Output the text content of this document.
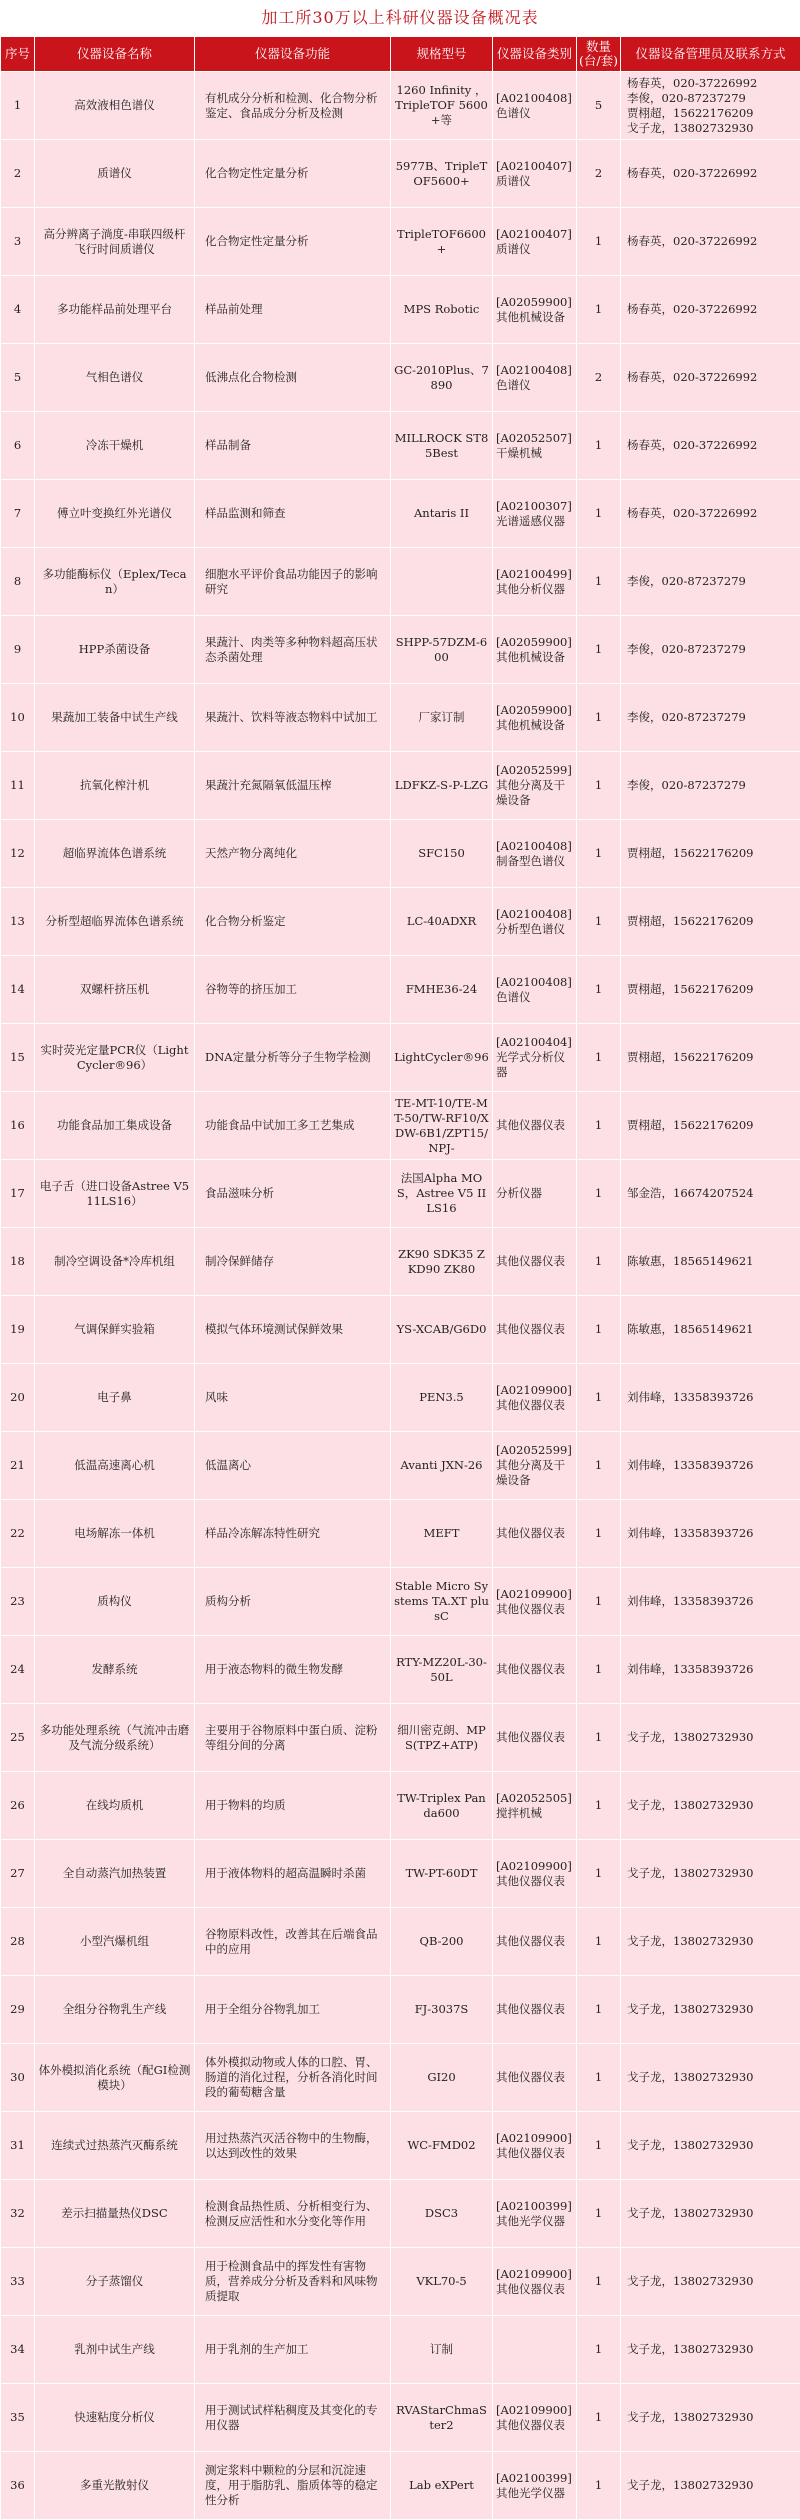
加工所30万以上科研仪器设备概况表
序号	仪器设备名称	仪器设备功能	规格型号	仪器设备类别	数量(台/套)	仪器设备管理员及联系方式
1	高效液相色谱仪	有机成分分析和检测、化合物分析鉴定、食品成分分析及检测	1260 Infinity ，TripleTOF 5600+等	[A02100408]色谱仪	5	杨春英，020-37226992
李俊，020-87237279
贾栩超，15622176209
戈子龙，13802732930
2	质谱仪	化合物定性定量分析	5977B、TripleTOF5600+	[A02100407]质谱仪	2	杨春英，020-37226992
3	高分辨离子淌度-串联四级杆飞行时间质谱仪	化合物定性定量分析	TripleTOF6600+	[A02100407]质谱仪	1	杨春英，020-37226992
4	多功能样品前处理平台	样品前处理	MPS Robotic	[A02059900]其他机械设备	1	杨春英，020-37226992
5	气相色谱仪	低沸点化合物检测	GC-2010Plus、7890	[A02100408]色谱仪	2	杨春英，020-37226992
6	冷冻干燥机	样品制备	MILLROCK ST85Best	[A02052507]干燥机械	1	杨春英，020-37226992
7	傅立叶变换红外光谱仪	样品监测和筛查	Antaris II	[A02100307]光谱遥感仪器	1	杨春英，020-37226992
8	多功能酶标仪（Eplex/Tecan）	细胞水平评价食品功能因子的影响研究		[A02100499]其他分析仪器	1	李俊，020-87237279
9	HPP杀菌设备	果蔬汁、肉类等多种物料超高压状态杀菌处理	SHPP-57DZM-600	[A02059900]其他机械设备	1	李俊，020-87237279
10	果蔬加工装备中试生产线	果蔬汁、饮料等液态物料中试加工	厂家订制	[A02059900]其他机械设备	1	李俊，020-87237279
11	抗氧化榨汁机	果蔬汁充氮隔氧低温压榨	LDFKZ-S-P-LZG	[A02052599]其他分离及干燥设备	1	李俊，020-87237279
12	超临界流体色谱系统	天然产物分离纯化	SFC150	[A02100408]制备型色谱仪	1	贾栩超，15622176209
13	分析型超临界流体色谱系统	化合物分析鉴定	LC-40ADXR	[A02100408]分析型色谱仪	1	贾栩超，15622176209
14	双螺杆挤压机	谷物等的挤压加工	FMHE36-24	[A02100408]色谱仪	1	贾栩超，15622176209
15	实时荧光定量PCR仪（LightCycler®96）	DNA定量分析等分子生物学检测	LightCycler®96	[A02100404]光学式分析仪器	1	贾栩超，15622176209
16	功能食品加工集成设备	功能食品中试加工多工艺集成	TE-MT-10/TE-MT-50/TW-RF10/XDW-6B1/ZPT15/NPJ-	其他仪器仪表	1	贾栩超，15622176209
17	电子舌（进口设备Astree V5 11LS16）	食品滋味分析	法国Alpha MOS，Astree V5 II LS16	分析仪器	1	邹金浩，16674207524
18	制冷空调设备*冷库机组	制冷保鲜储存	ZK90 SDK35 ZKD90 ZK80	其他仪器仪表	1	陈敏惠，18565149621
19	气调保鲜实验箱	模拟气体环境测试保鲜效果	YS-XCAB/G6D0	其他仪器仪表	1	陈敏惠，18565149621
20	电子鼻	风味	PEN3.5	[A02109900]其他仪器仪表	1	刘伟峰，13358393726
21	低温高速离心机	低温离心	Avanti JXN-26	[A02052599]其他分离及干燥设备	1	刘伟峰，13358393726
22	电场解冻一体机	样品冷冻解冻特性研究	MEFT	其他仪器仪表	1	刘伟峰，13358393726
23	质构仪	质构分析	Stable Micro Systems TA.XT plusC	[A02109900]其他仪器仪表	1	刘伟峰，13358393726
24	发酵系统	用于液态物料的微生物发酵	RTY-MZ20L-30-50L	其他仪器仪表	1	刘伟峰，13358393726
25	多功能处理系统（气流冲击磨及气流分级系统）	主要用于谷物原料中蛋白质、淀粉等组分间的分离	细川密克朗、MPS(TPZ+ATP)	其他仪器仪表	1	戈子龙，13802732930
26	在线均质机	用于物料的均质	TW-Triplex Panda600	[A02052505]搅拌机械	1	戈子龙，13802732930
27	全自动蒸汽加热装置	用于液体物料的超高温瞬时杀菌	TW-PT-60DT	[A02109900]其他仪器仪表	1	戈子龙，13802732930
28	小型汽爆机组	谷物原料改性，改善其在后端食品中的应用	QB-200	其他仪器仪表	1	戈子龙，13802732930
29	全组分谷物乳生产线	用于全组分谷物乳加工	FJ-3037S	其他仪器仪表	1	戈子龙，13802732930
30	体外模拟消化系统（配GI检测模块）	体外模拟动物或人体的口腔、胃、肠道的消化过程，分析各消化时间段的葡萄糖含量	GI20	其他仪器仪表	1	戈子龙，13802732930
31	连续式过热蒸汽灭酶系统	用过热蒸汽灭活谷物中的生物酶，以达到改性的效果	WC-FMD02	[A02109900]其他仪器仪表	1	戈子龙，13802732930
32	差示扫描量热仪DSC	检测食品热性质、分析相变行为、检测反应活性和水分变化等作用	DSC3	[A02100399]其他光学仪器	1	戈子龙，13802732930
33	分子蒸馏仪	用于检测食品中的挥发性有害物质，营养成分分析及香料和风味物质提取	VKL70-5	[A02109900]其他仪器仪表	1	戈子龙，13802732930
34	乳剂中试生产线	用于乳剂的生产加工	订制		1	戈子龙，13802732930
35	快速粘度分析仪	用于测试试样粘稠度及其变化的专用仪器	RVAStarChmaSter2	[A02109900]其他仪器仪表	1	戈子龙，13802732930
36	多重光散射仪	测定浆料中颗粒的分层和沉淀速度，用于脂肪乳、脂质体等的稳定性分析	Lab eXPert	[A02100399]其他光学仪器	1	戈子龙，13802732930
